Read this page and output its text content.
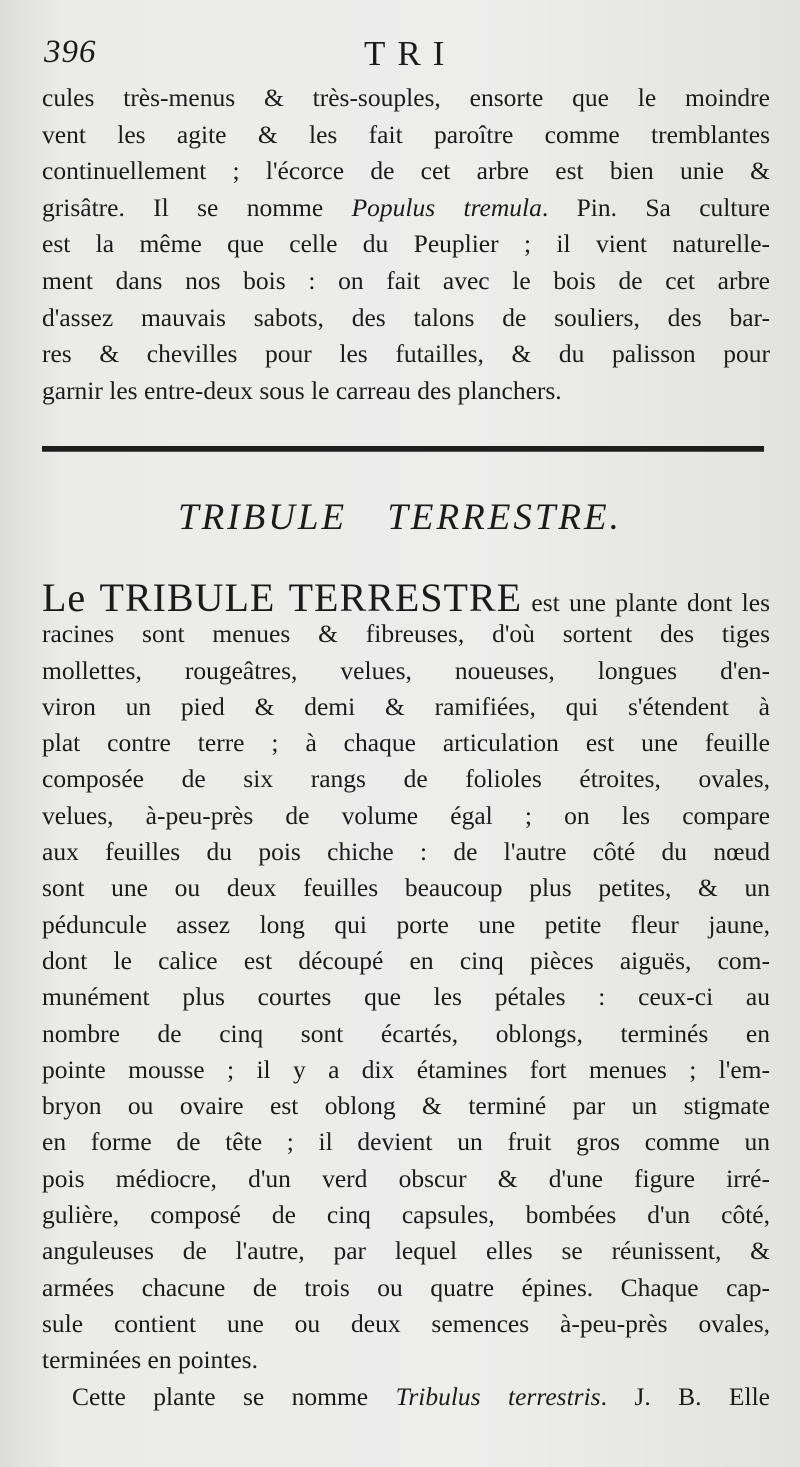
396	TRI
cules très-menus & très-souples, ensorte que le moindre
vent les agite & les fait paroître comme tremblantes
continuellement ; l'écorce de cet arbre est bien unie &
grisâtre. Il se nomme Populus tremula. Pin. Sa culture
est la même que celle du Peuplier ; il vient naturelle-
ment dans nos bois : on fait avec le bois de cet arbre
d'assez mauvais sabots, des talons de souliers, des bar-
res & chevilles pour les futailles, & du palisson pour
garnir les entre-deux sous le carreau des planchers.
TRIBULE TERRESTRE.
Le TRIBULE TERRESTRE est une plante dont les
racines sont menues & fibreuses, d'où sortent des tiges
mollettes, rougeâtres, velues, noueuses, longues d'en-
viron un pied & demi & ramifiées, qui s'étendent à
plat contre terre ; à chaque articulation est une feuille
composée de six rangs de folioles étroites, ovales,
velues, à-peu-près de volume égal ; on les compare
aux feuilles du pois chiche : de l'autre côté du nœud
sont une ou deux feuilles beaucoup plus petites, & un
péduncule assez long qui porte une petite fleur jaune,
dont le calice est découpé en cinq pièces aiguës, com-
munément plus courtes que les pétales : ceux-ci au
nombre de cinq sont écartés, oblongs, terminés en
pointe mousse ; il y a dix étamines fort menues ; l'em-
bryon ou ovaire est oblong & terminé par un stigmate
en forme de tête ; il devient un fruit gros comme un
pois médiocre, d'un verd obscur & d'une figure irré-
gulière, composé de cinq capsules, bombées d'un côté,
anguleuses de l'autre, par lequel elles se réunissent, &
armées chacune de trois ou quatre épines. Chaque cap-
sule contient une ou deux semences à-peu-près ovales,
terminées en pointes.
Cette plante se nomme Tribulus terrestris. J. B. Elle
